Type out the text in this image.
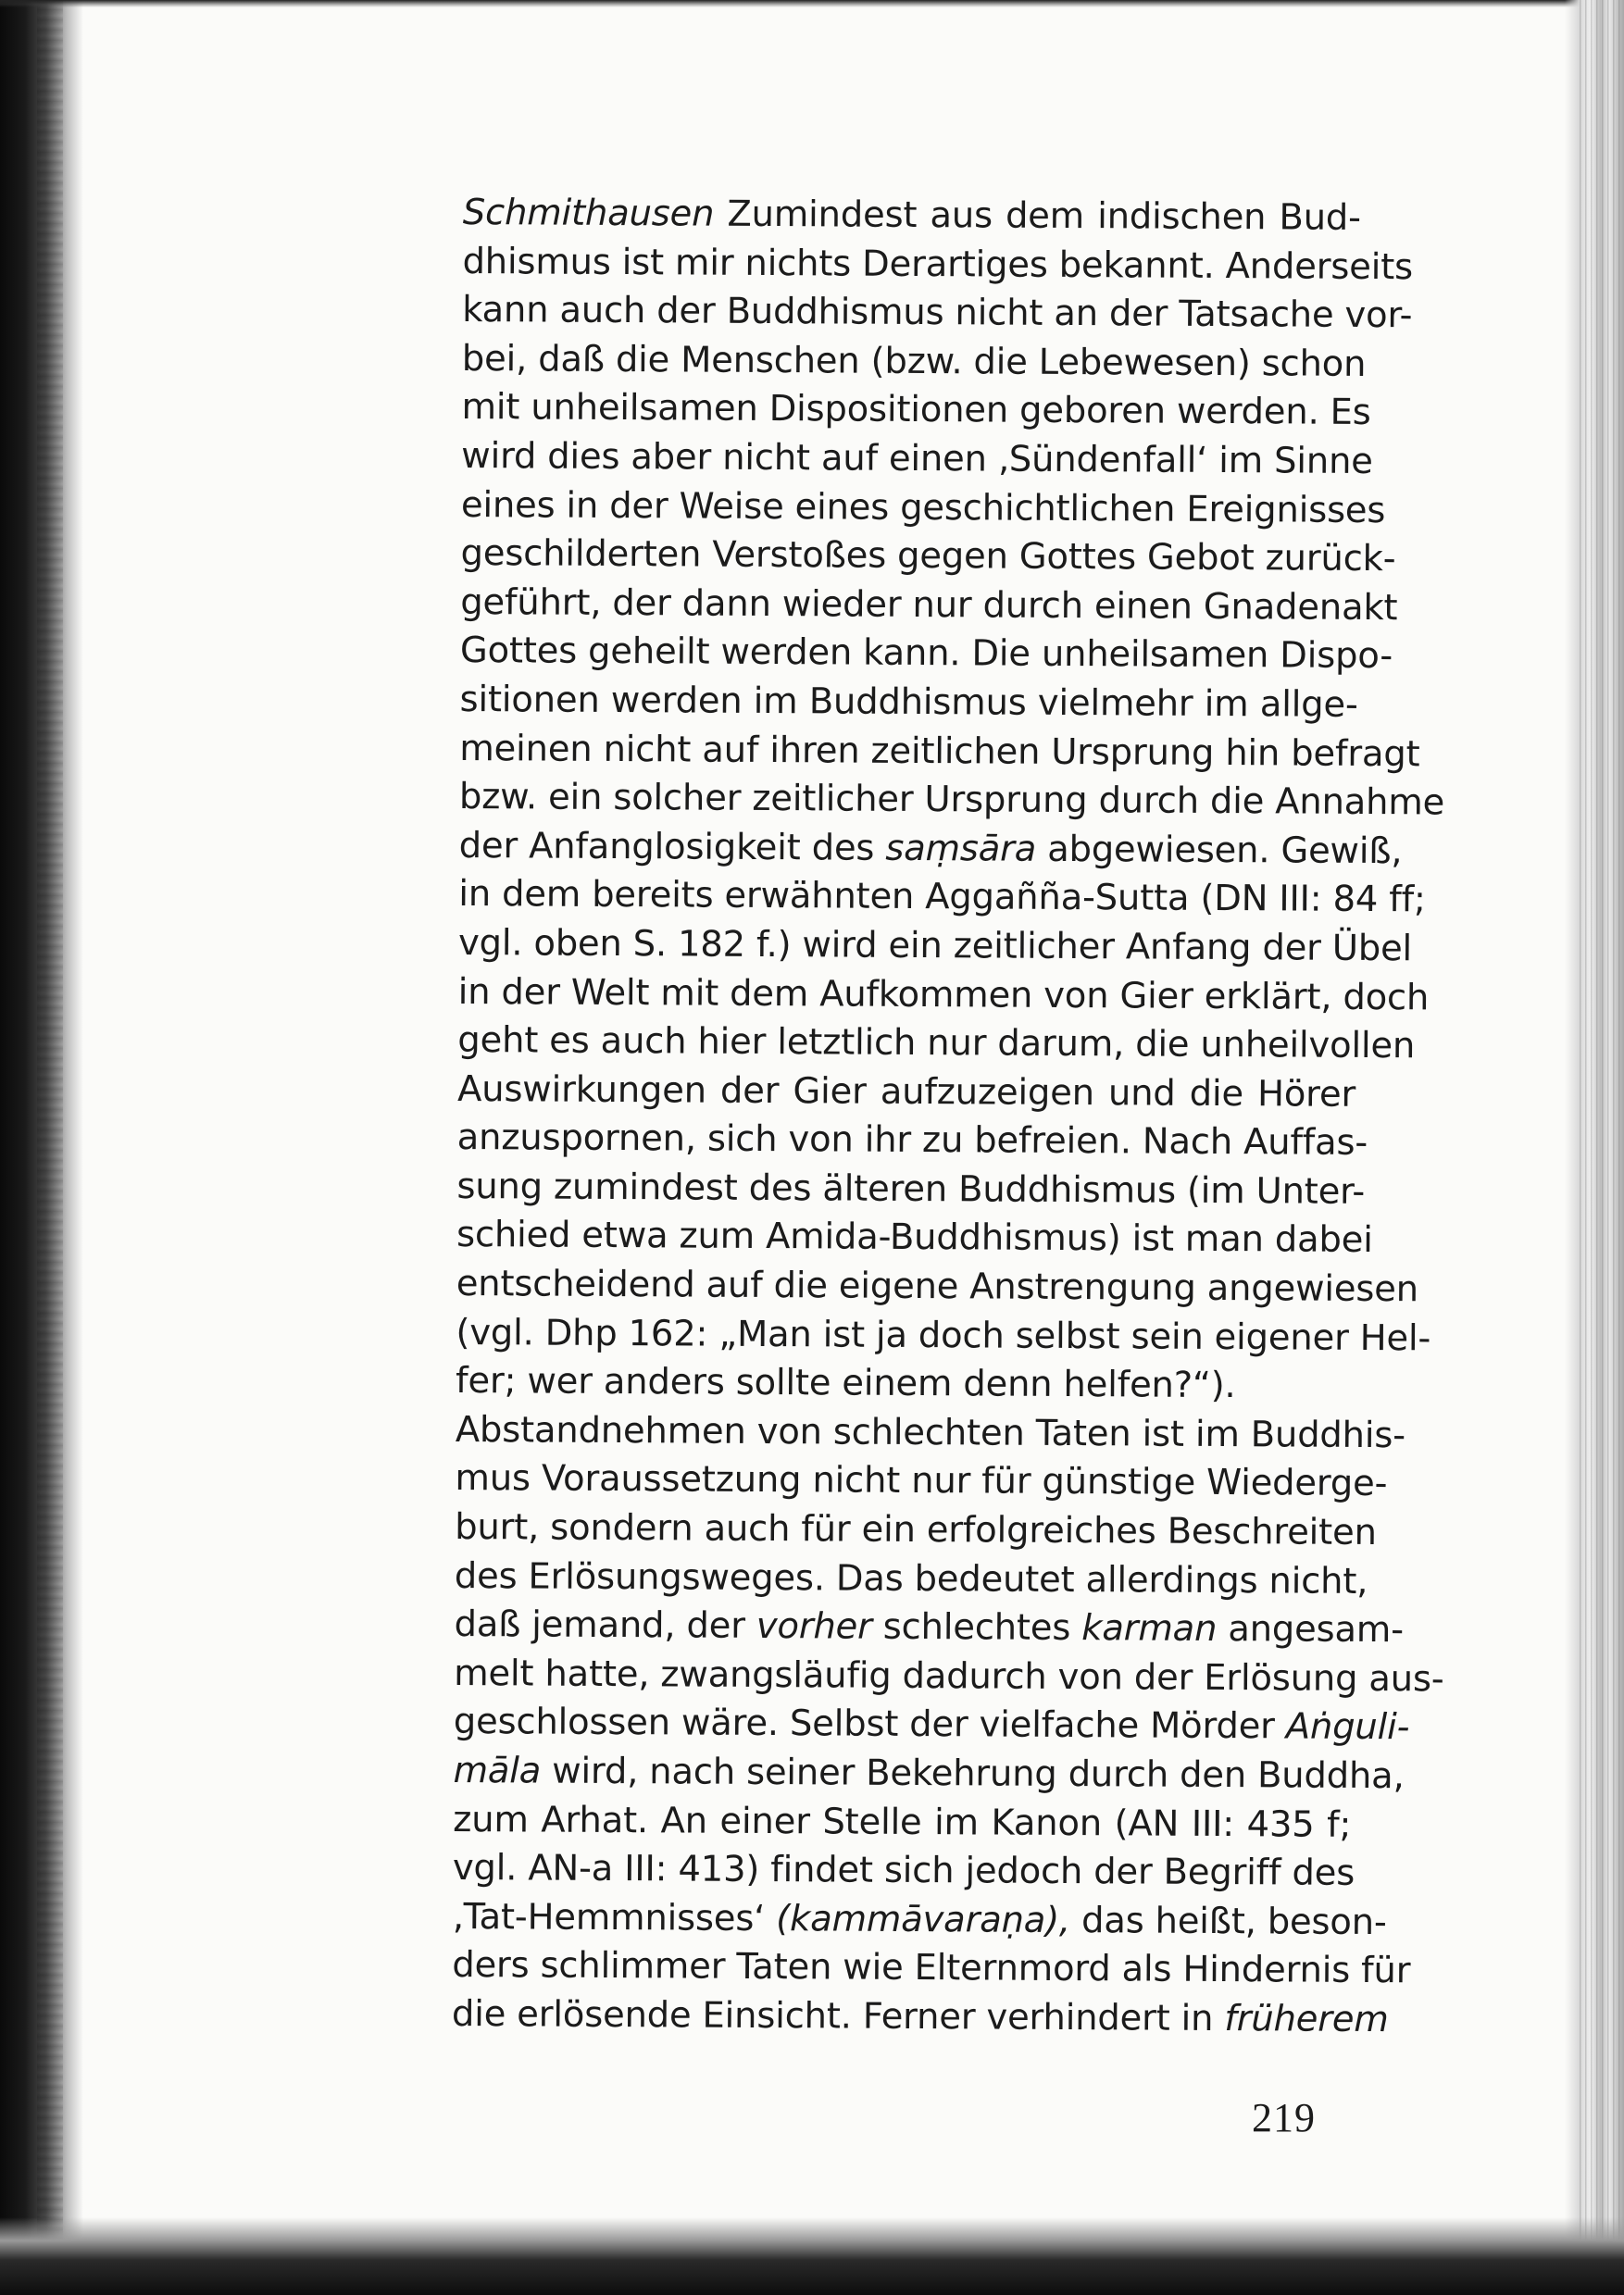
Schmithausen Zumindest aus dem indischen Bud-
dhismus ist mir nichts Derartiges bekannt. Anderseits
kann auch der Buddhismus nicht an der Tatsache vor-
bei, daß die Menschen (bzw. die Lebewesen) schon
mit unheilsamen Dispositionen geboren werden. Es
wird dies aber nicht auf einen ‚Sündenfall‘ im Sinne
eines in der Weise eines geschichtlichen Ereignisses
geschilderten Verstoßes gegen Gottes Gebot zurück-
geführt, der dann wieder nur durch einen Gnadenakt
Gottes geheilt werden kann. Die unheilsamen Dispo-
sitionen werden im Buddhismus vielmehr im allge-
meinen nicht auf ihren zeitlichen Ursprung hin befragt
bzw. ein solcher zeitlicher Ursprung durch die Annahme
der Anfanglosigkeit des saṃsāra abgewiesen. Gewiß,
in dem bereits erwähnten Aggañña-Sutta (DN III: 84 ff;
vgl. oben S. 182 f.) wird ein zeitlicher Anfang der Übel
in der Welt mit dem Aufkommen von Gier erklärt, doch
geht es auch hier letztlich nur darum, die unheilvollen
Auswirkungen der Gier aufzuzeigen und die Hörer
anzuspornen, sich von ihr zu befreien. Nach Auffas-
sung zumindest des älteren Buddhismus (im Unter-
schied etwa zum Amida-Buddhismus) ist man dabei
entscheidend auf die eigene Anstrengung angewiesen
(vgl. Dhp 162: „Man ist ja doch selbst sein eigener Hel-
fer; wer anders sollte einem denn helfen?“).
Abstandnehmen von schlechten Taten ist im Buddhis-
mus Voraussetzung nicht nur für günstige Wiederge-
burt, sondern auch für ein erfolgreiches Beschreiten
des Erlösungsweges. Das bedeutet allerdings nicht,
daß jemand, der vorher schlechtes karman angesam-
melt hatte, zwangsläufig dadurch von der Erlösung aus-
geschlossen wäre. Selbst der vielfache Mörder Aṅguli-
māla wird, nach seiner Bekehrung durch den Buddha,
zum Arhat. An einer Stelle im Kanon (AN III: 435 f;
vgl. AN-a III: 413) findet sich jedoch der Begriff des
‚Tat-Hemmnisses‘ (kammāvaraṇa), das heißt, beson-
ders schlimmer Taten wie Elternmord als Hindernis für
die erlösende Einsicht. Ferner verhindert in früherem
219
